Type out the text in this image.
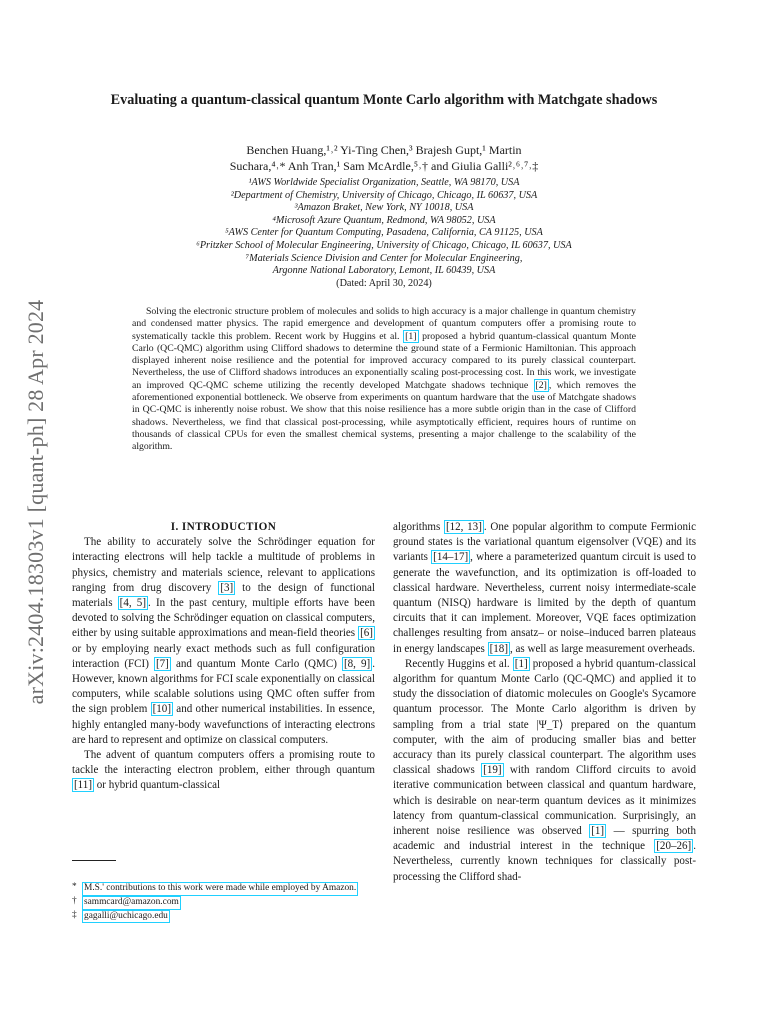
arXiv:2404.18303v1 [quant-ph] 28 Apr 2024
Evaluating a quantum-classical quantum Monte Carlo algorithm with Matchgate shadows
Benchen Huang,¹˒² Yi-Ting Chen,³ Brajesh Gupt,¹ Martin
Suchara,⁴˒* Anh Tran,¹ Sam McArdle,⁵˒† and Giulia Galli²˒⁶˒⁷˒‡
¹AWS Worldwide Specialist Organization, Seattle, WA 98170, USA
²Department of Chemistry, University of Chicago, Chicago, IL 60637, USA
³Amazon Braket, New York, NY 10018, USA
⁴Microsoft Azure Quantum, Redmond, WA 98052, USA
⁵AWS Center for Quantum Computing, Pasadena, California, CA 91125, USA
⁶Pritzker School of Molecular Engineering, University of Chicago, Chicago, IL 60637, USA
⁷Materials Science Division and Center for Molecular Engineering,
Argonne National Laboratory, Lemont, IL 60439, USA
(Dated: April 30, 2024)

Solving the electronic structure problem of molecules and solids to high accuracy is a major challenge in quantum chemistry and condensed matter physics. The rapid emergence and development of quantum computers offer a promising route to systematically tackle this problem. Recent work by Huggins et al. [1] proposed a hybrid quantum-classical quantum Monte Carlo (QC-QMC) algorithm using Clifford shadows to determine the ground state of a Fermionic Hamiltonian. This approach displayed inherent noise resilience and the potential for improved accuracy compared to its purely classical counterpart. Nevertheless, the use of Clifford shadows introduces an exponentially scaling post-processing cost. In this work, we investigate an improved QC-QMC scheme utilizing the recently developed Matchgate shadows technique [2] , which removes the aforementioned exponential bottleneck. We observe from experiments on quantum hardware that the use of Matchgate shadows in QC-QMC is inherently noise robust. We show that this noise resilience has a more subtle origin than in the case of Clifford shadows. Nevertheless, we find that classical post-processing, while asymptotically efficient, requires hours of runtime on thousands of classical CPUs for even the smallest chemical systems, presenting a major challenge to the scalability of the algorithm.

I. INTRODUCTION

The ability to accurately solve the Schrödinger equation for interacting electrons will help tackle a multitude of problems in physics, chemistry and materials science, relevant to applications ranging from drug discovery [3] to the design of functional materials [4, 5] . In the past century, multiple efforts have been devoted to solving the Schrödinger equation on classical computers, either by using suitable approximations and mean-field theories [6] or by employing nearly exact methods such as full configuration interaction (FCI) [7] and quantum Monte Carlo (QMC) [8, 9] . However, known algorithms for FCI scale exponentially on classical computers, while scalable solutions using QMC often suffer from the sign problem [10] and other numerical instabilities. In essence, highly entangled many-body wavefunctions of interacting electrons are hard to represent and optimize on classical computers.

The advent of quantum computers offers a promising route to tackle the interacting electron problem, either through quantum [11] or hybrid quantum-classical

algorithms [12, 13] . One popular algorithm to compute Fermionic ground states is the variational quantum eigensolver (VQE) and its variants [14–17] , where a parameterized quantum circuit is used to generate the wavefunction, and its optimization is off-loaded to classical hardware. Nevertheless, current noisy intermediate-scale quantum (NISQ) hardware is limited by the depth of quantum circuits that it can implement. Moreover, VQE faces optimization challenges resulting from ansatz– or noise–induced barren plateaus in energy landscapes [18] , as well as large measurement overheads.

Recently Huggins et al. [1] proposed a hybrid quantum-classical algorithm for quantum Monte Carlo (QC-QMC) and applied it to study the dissociation of diatomic molecules on Google's Sycamore quantum processor. The Monte Carlo algorithm is driven by sampling from a trial state |Ψ_T⟩ prepared on the quantum computer, with the aim of producing smaller bias and better accuracy than its purely classical counterpart. The algorithm uses classical shadows [19] with random Clifford circuits to avoid iterative communication between classical and quantum hardware, which is desirable on near-term quantum devices as it minimizes latency from quantum-classical communication. Surprisingly, an inherent noise resilience was observed [1] — spurring both academic and industrial interest in the technique [20–26] . Nevertheless, currently known techniques for classically post-processing the Clifford shad-

* M.S.' contributions to this work were made while employed by Amazon.
† sammcard@amazon.com
‡ gagalli@uchicago.edu
